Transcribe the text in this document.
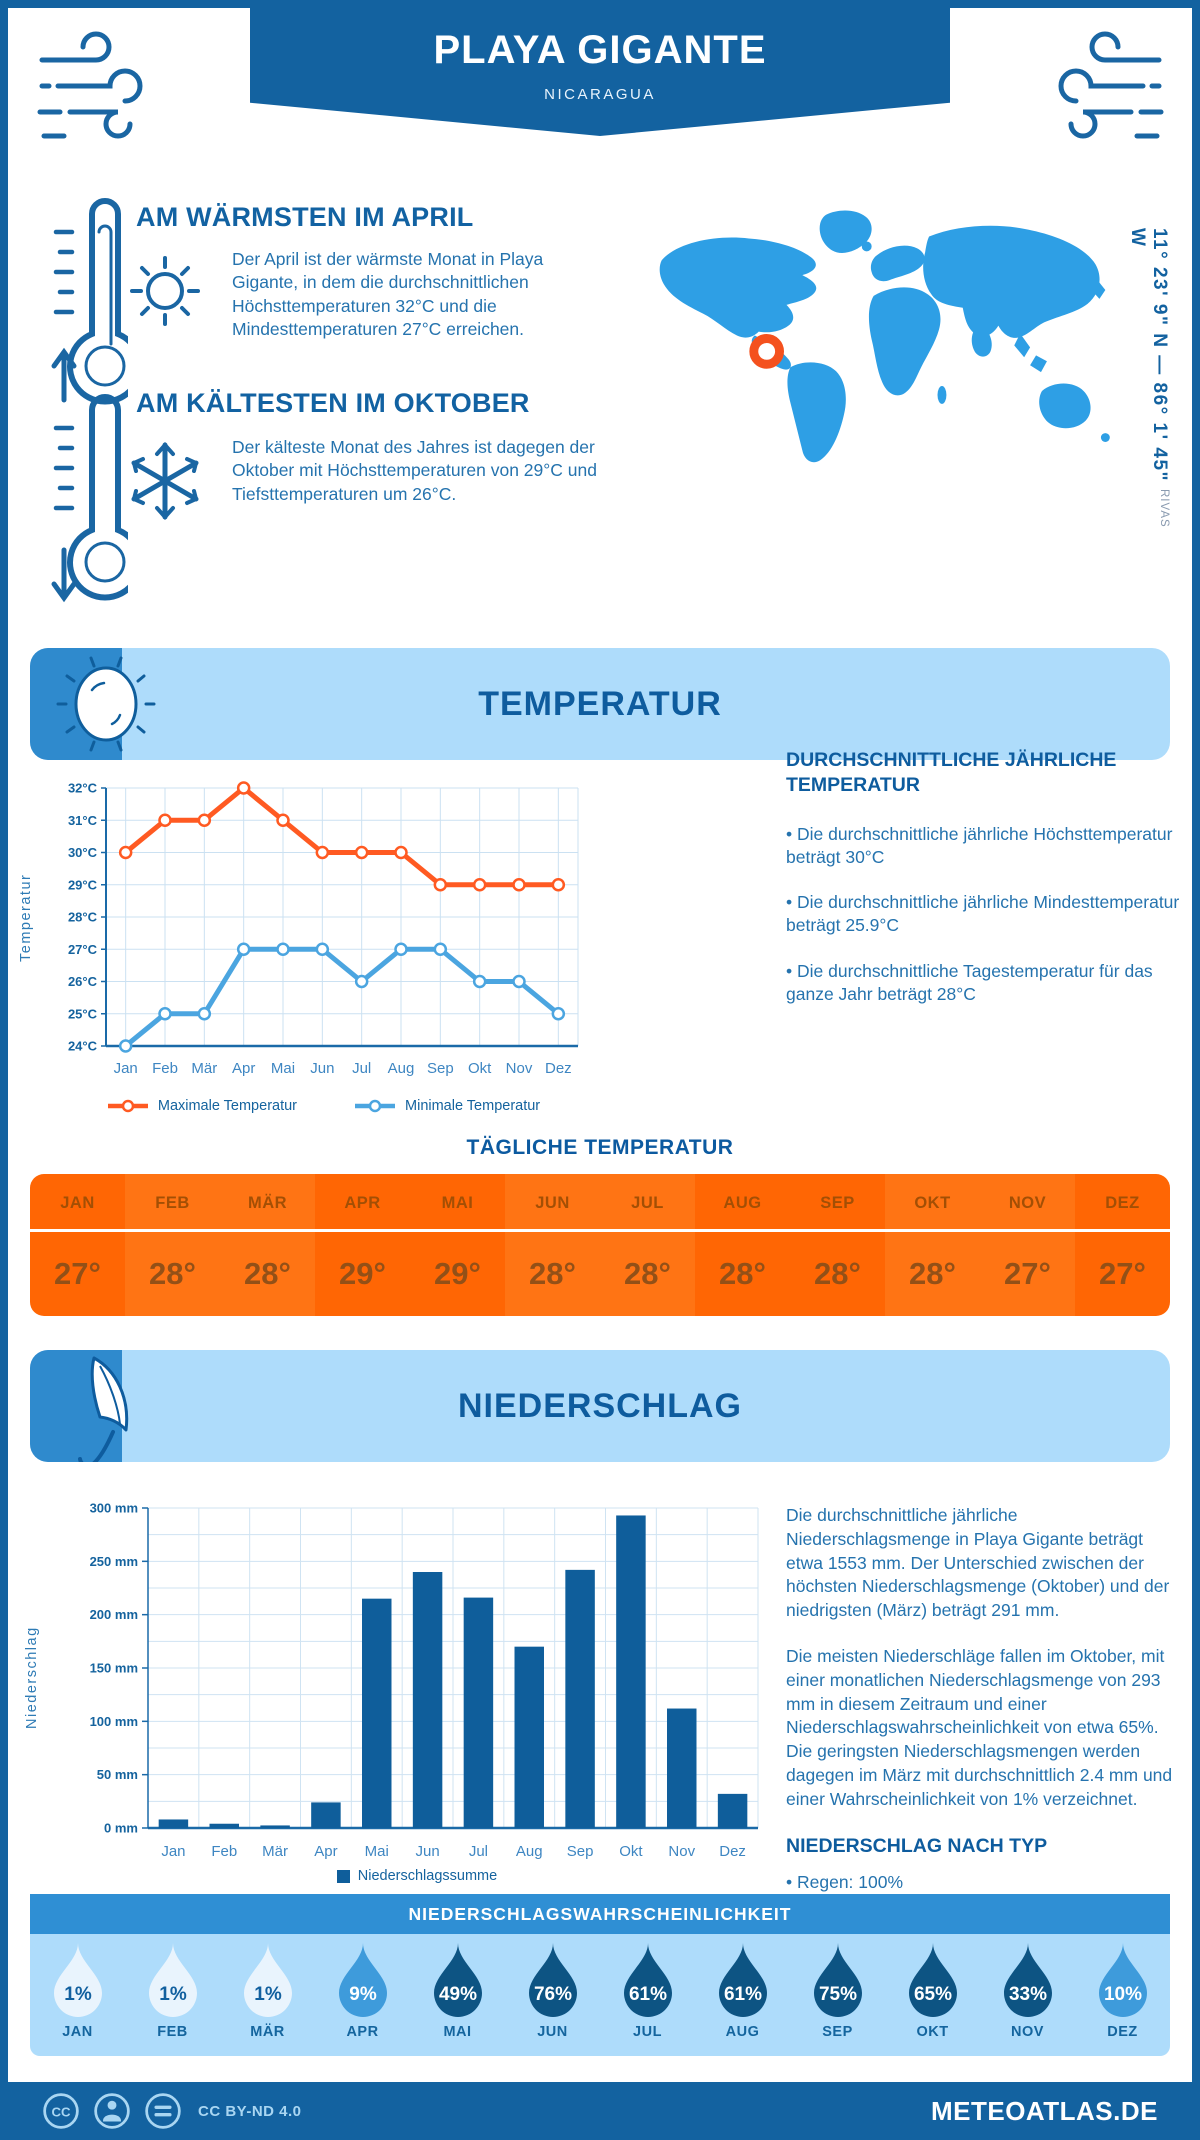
PLAYA GIGANTE
NICARAGUA
AM WÄRMSTEN IM APRIL
Der April ist der wärmste Monat in Playa Gigante, in dem die durchschnittlichen Höchsttemperaturen 32°C und die Mindesttemperaturen 27°C erreichen.
AM KÄLTESTEN IM OKTOBER
Der kälteste Monat des Jahres ist dagegen der Oktober mit Höchsttemperaturen von 29°C und Tiefsttemperaturen um 26°C.
11° 23' 9" N — 86° 1' 45" W
RIVAS
TEMPERATUR
Temperatur
24°C
25°C
26°C
27°C
28°C
29°C
30°C
31°C
32°C
Jan Feb Mär Apr Mai Jun Jul Aug Sep Okt Nov Dez
Maximale Temperatur	Minimale Temperatur
DURCHSCHNITTLICHE JÄHRLICHE TEMPERATUR

• Die durchschnittliche jährliche Höchsttemperatur beträgt 30°C

• Die durchschnittliche jährliche Mindesttemperatur beträgt 25.9°C

• Die durchschnittliche Tagestemperatur für das ganze Jahr beträgt 28°C

TÄGLICHE TEMPERATUR
JAN
27°
FEB
28°
MÄR
28°
APR
29°
MAI
29°
JUN
28°
JUL
28°
AUG
28°
SEP
28°
OKT
28°
NOV
27°
DEZ
27°
NIEDERSCHLAG
Niederschlag
0 mm
50 mm
100 mm
150 mm
200 mm
250 mm
300 mm
Jan Feb Mär Apr Mai Jun Jul Aug Sep Okt Nov Dez
Niederschlagssumme

Die durchschnittliche jährliche Niederschlagsmenge in Playa Gigante beträgt etwa 1553 mm. Der Unterschied zwischen der höchsten Niederschlagsmenge (Oktober) und der niedrigsten (März) beträgt 291 mm.

Die meisten Niederschläge fallen im Oktober, mit einer monatlichen Niederschlagsmenge von 293 mm in diesem Zeitraum und einer Niederschlagswahrscheinlichkeit von etwa 65%. Die geringsten Niederschlagsmengen werden dagegen im März mit durchschnittlich 2.4 mm und einer Wahrscheinlichkeit von 1% verzeichnet.

NIEDERSCHLAG NACH TYP

• Regen: 100%

NIEDERSCHLAGSWAHRSCHEINLICHKEIT
1%
JAN
1%
FEB
1%
MÄR
9%
APR
49%
MAI
76%
JUN
61%
JUL
61%
AUG
75%
SEP
65%
OKT
33%
NOV
10%
DEZ
CC	CC BY-ND 4.0	METEOATLAS.DE
